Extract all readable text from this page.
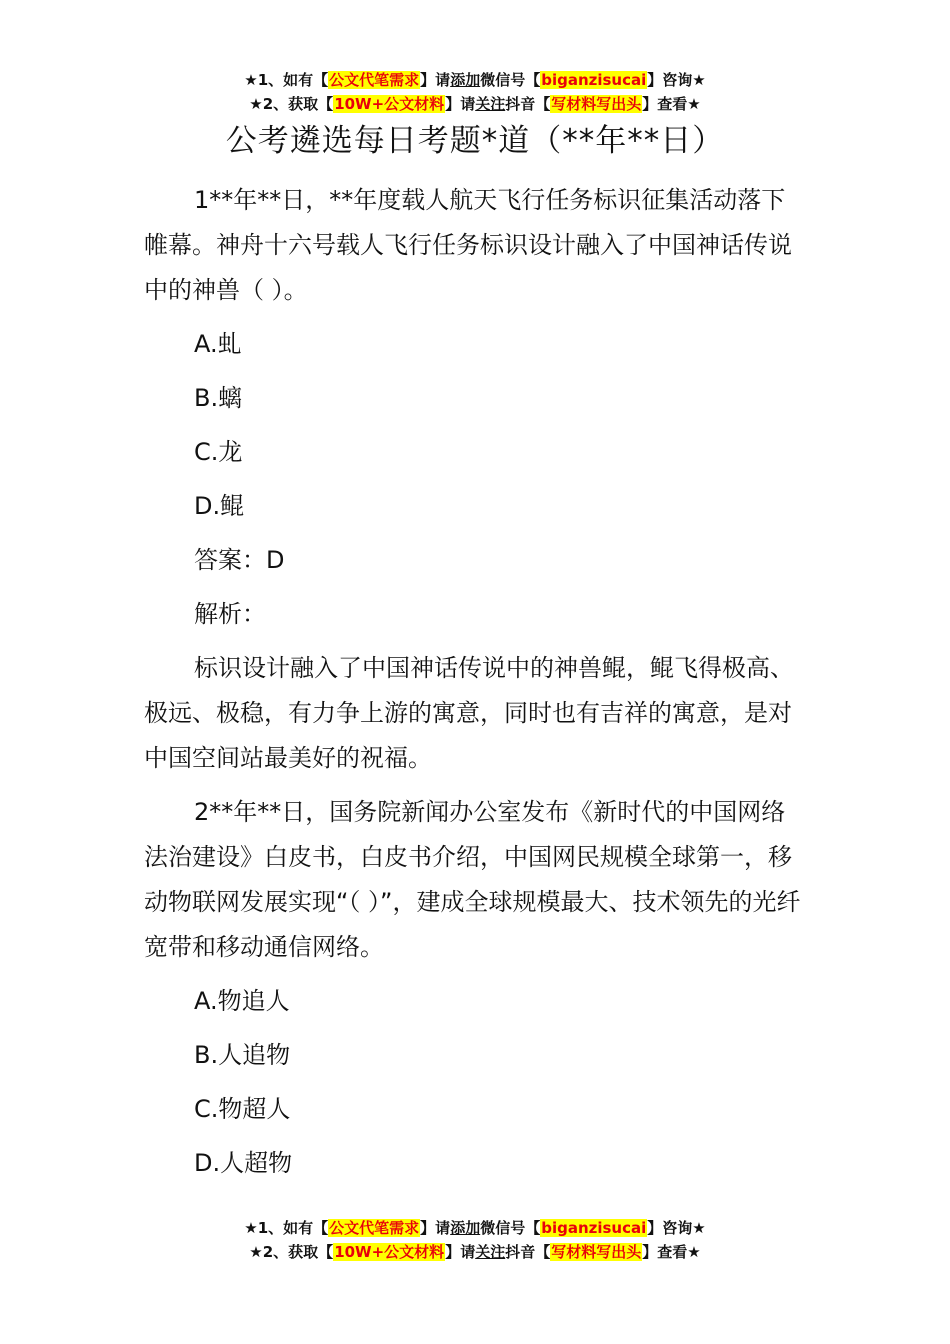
★1、如有【公文代笔需求】请添加微信号【biganzisucai】咨询★
★2、获取【10W+公文材料】请关注抖音【写材料写出头】查看★
公考遴选每日考题*道（**年**日）

1**年**日，**年度载人航天飞行任务标识征集活动落下帷幕。神舟十六号载人飞行任务标识设计融入了中国神话传说中的神兽（ ）。

A.虬

B.螭

C.龙

D.鲲

答案：D

解析：

标识设计融入了中国神话传说中的神兽鲲，鲲飞得极高、极远、极稳，有力争上游的寓意，同时也有吉祥的寓意，是对中国空间站最美好的祝福。

2**年**日，国务院新闻办公室发布《新时代的中国网络法治建设》白皮书，白皮书介绍，中国网民规模全球第一，移动物联网发展实现“（ ）”，建成全球规模最大、技术领先的光纤宽带和移动通信网络。

A.物追人

B.人追物

C.物超人

D.人超物

★1、如有【公文代笔需求】请添加微信号【biganzisucai】咨询★
★2、获取【10W+公文材料】请关注抖音【写材料写出头】查看★
